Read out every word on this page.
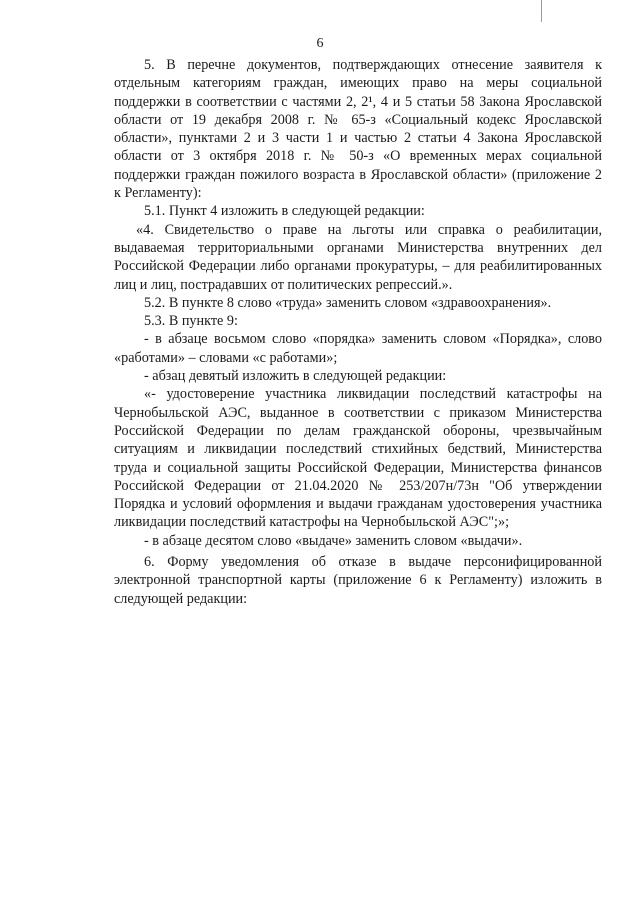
6

5. В перечне документов, подтверждающих отнесение заявителя к отдельным категориям граждан, имеющих право на меры социальной поддержки в соответствии с частями 2, 2¹, 4 и 5 статьи 58 Закона Ярославской области от 19 декабря 2008 г. № 65-з «Социальный кодекс Ярославской области», пунктами 2 и 3 части 1 и частью 2 статьи 4 Закона Ярославской области от 3 октября 2018 г. № 50-з «О временных мерах социальной поддержки граждан пожилого возраста в Ярославской области» (приложение 2 к Регламенту):

5.1. Пункт 4 изложить в следующей редакции:

«4. Свидетельство о праве на льготы или справка о реабилитации, выдаваемая территориальными органами Министерства внутренних дел Российской Федерации либо органами прокуратуры, – для реабилитированных лиц и лиц, пострадавших от политических репрессий.».

5.2. В пункте 8 слово «труда» заменить словом «здравоохранения».

5.3. В пункте 9:

- в абзаце восьмом слово «порядка» заменить словом «Порядка», слово «работами» – словами «с работами»;

- абзац девятый изложить в следующей редакции:

«- удостоверение участника ликвидации последствий катастрофы на Чернобыльской АЭС, выданное в соответствии с приказом Министерства Российской Федерации по делам гражданской обороны, чрезвычайным ситуациям и ликвидации последствий стихийных бедствий, Министерства труда и социальной защиты Российской Федерации, Министерства финансов Российской Федерации от 21.04.2020 № 253/207н/73н "Об утверждении Порядка и условий оформления и выдачи гражданам удостоверения участника ликвидации последствий катастрофы на Чернобыльской АЭС";»;

- в абзаце десятом слово «выдаче» заменить словом «выдачи».

6. Форму уведомления об отказе в выдаче персонифицированной электронной транспортной карты (приложение 6 к Регламенту) изложить в следующей редакции:
